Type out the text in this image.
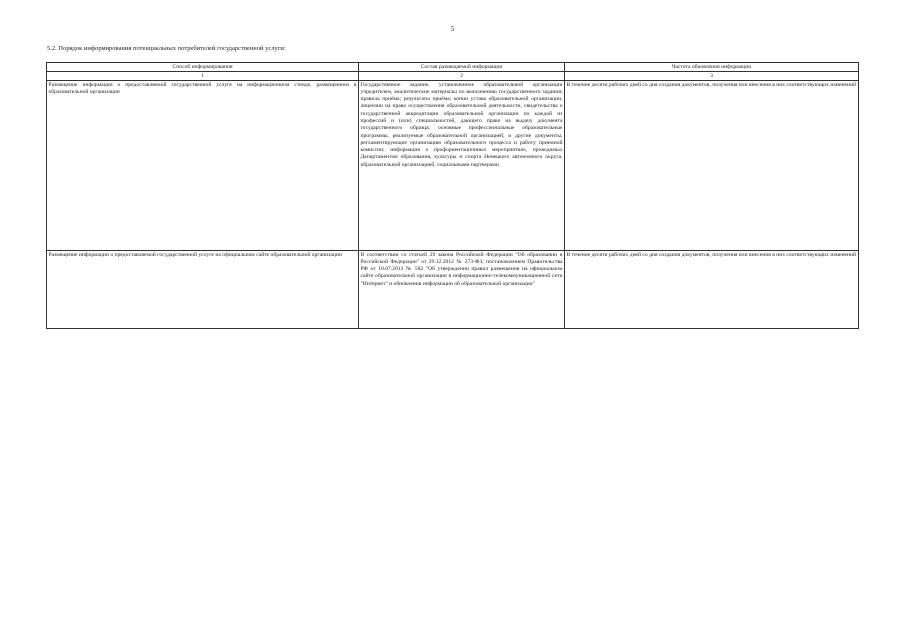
5
5.2. Порядок информирования потенциальных потребителей государственной услуги:
Способ информирования	Состав размещаемой информации	Частота обновления информации
1	2	3
Размещение информации о предоставляемой государственной услуге на информационном стенде, размещенном в образовательной организации	Государственное задание, установленное образовательной организации учредителем, аналитические материалы по выполнению государственного задания; правила приёма; результаты приёма; копии устава образовательной организации, лицензии на право осуществления образовательной деятельности, свидетельства о государственной аккредитации образовательной организации по каждой из профессий и (или) специальностей, дающего право на выдачу документа государственного образца; основные профессиональные образовательные программы, реализуемые образовательной организацией, и другие документы, регламентирующие организацию образовательного процесса и работу приемной комиссии; информация о профориентационных мероприятиях, проводимых Департаментом образования, культуры и спорта Ненецкого автономного округа, образовательной организацией, социальными партнерами	В течение десяти рабочих дней со дня создания документов, получения или внесения в них соответствующих изменений
Размещение информации о предоставляемой государственной услуге на официальном сайте образовательной организации	В соответствии со статьей 29 закона Российской Федерации "Об образовании в Российской Федерации" от 29.12.2012 № 273-ФЗ; постановлением Правительства РФ от 10.07.2013 № 582 "Об утверждении правил размещения на официальном сайте образовательной организации в информационно-телекоммуникационной сети "Интернет" и обновления информации об образовательной организации"	В течение десяти рабочих дней со дня создания документов, получения или внесения в них соответствующих изменений
